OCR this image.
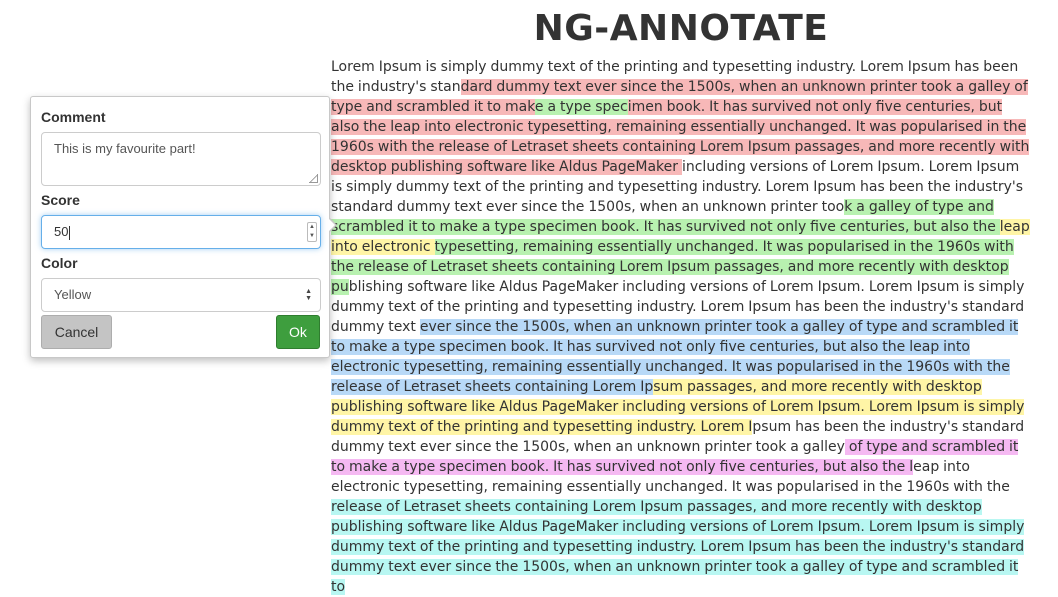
NG-ANNOTATE

Lorem Ipsum is simply dummy text of the printing and typesetting industry. Lorem Ipsum has been the industry's standard dummy text ever since the 1500s, when an unknown printer took a galley of type and scrambled it to make a type specimen book. It has survived not only five centuries, but also the leap into electronic typesetting, remaining essentially unchanged. It was popularised in the 1960s with the release of Letraset sheets containing Lorem Ipsum passages, and more recently with desktop publishing software like Aldus PageMaker including versions of Lorem Ipsum. Lorem Ipsum is simply dummy text of the printing and typesetting industry. Lorem Ipsum has been the industry's standard dummy text ever since the 1500s, when an unknown printer took a galley of type and scrambled it to make a type specimen book. It has survived not only five centuries, but also the leap into electronic typesetting, remaining essentially unchanged. It was popularised in the 1960s with the release of Letraset sheets containing Lorem Ipsum passages, and more recently with desktop publishing software like Aldus PageMaker including versions of Lorem Ipsum. Lorem Ipsum is simply dummy text of the printing and typesetting industry. Lorem Ipsum has been the industry's standard dummy text ever since the 1500s, when an unknown printer took a galley of type and scrambled it to make a type specimen book. It has survived not only five centuries, but also the leap into electronic typesetting, remaining essentially unchanged. It was popularised in the 1960s with the release of Letraset sheets containing Lorem Ipsum passages, and more recently with desktop publishing software like Aldus PageMaker including versions of Lorem Ipsum. Lorem Ipsum is simply dummy text of the printing and typesetting industry. Lorem Ipsum has been the industry's standard dummy text ever since the 1500s, when an unknown printer took a galley of type and scrambled it to make a type specimen book. It has survived not only five centuries, but also the leap into electronic typesetting, remaining essentially unchanged. It was popularised in the 1960s with the release of Letraset sheets containing Lorem Ipsum passages, and more recently with desktop publishing software like Aldus PageMaker including versions of Lorem Ipsum. Lorem Ipsum is simply dummy text of the printing and typesetting industry. Lorem Ipsum has been the industry's standard dummy text ever since the 1500s, when an unknown printer took a galley of type and scrambled it to

Comment
This is my favourite part!
Score
50	▲
▼
Color
Yellow	▲
▼
Cancel	Ok
